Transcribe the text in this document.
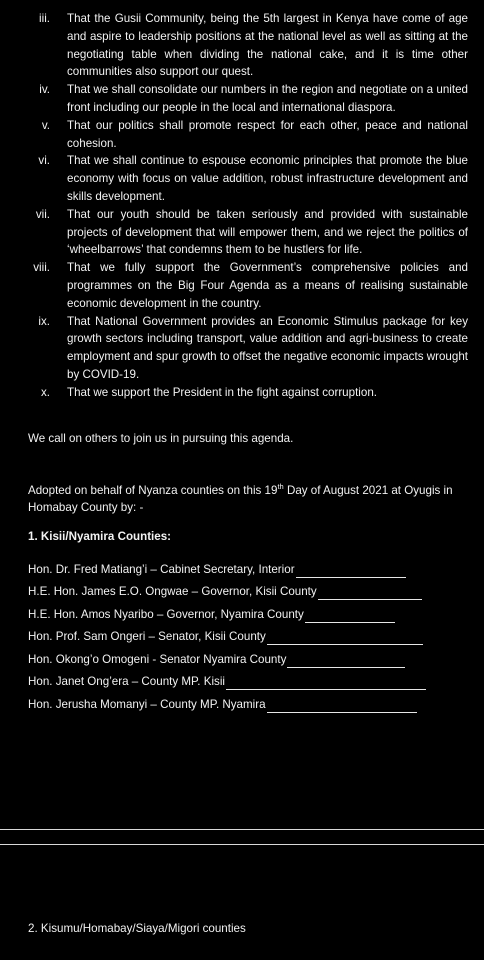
iii. That the Gusii Community, being the 5th largest in Kenya have come of age and aspire to leadership positions at the national level as well as sitting at the negotiating table when dividing the national cake, and it is time other communities also support our quest.
iv. That we shall consolidate our numbers in the region and negotiate on a united front including our people in the local and international diaspora.
v. That our politics shall promote respect for each other, peace and national cohesion.
vi. That we shall continue to espouse economic principles that promote the blue economy with focus on value addition, robust infrastructure development and skills development.
vii. That our youth should be taken seriously and provided with sustainable projects of development that will empower them, and we reject the politics of ‘wheelbarrows’ that condemns them to be hustlers for life.
viii. That we fully support the Government’s comprehensive policies and programmes on the Big Four Agenda as a means of realising sustainable economic development in the country.
ix. That National Government provides an Economic Stimulus package for key growth sectors including transport, value addition and agri-business to create employment and spur growth to offset the negative economic impacts wrought by COVID-19.
x. That we support the President in the fight against corruption.
We call on others to join us in pursuing this agenda.
Adopted on behalf of Nyanza counties on this 19th Day of August 2021 at Oyugis in Homabay County by: -
1. Kisii/Nyamira Counties:
Hon. Dr. Fred Matiang’i – Cabinet Secretary, Interior
H.E. Hon. James E.O. Ongwae – Governor, Kisii County
H.E. Hon. Amos Nyaribo – Governor, Nyamira County
Hon. Prof. Sam Ongeri – Senator, Kisii County
Hon. Okong’o Omogeni - Senator Nyamira County
Hon. Janet Ong’era – County MP. Kisii
Hon. Jerusha Momanyi – County MP. Nyamira
2. Kisumu/Homabay/Siaya/Migori counties
